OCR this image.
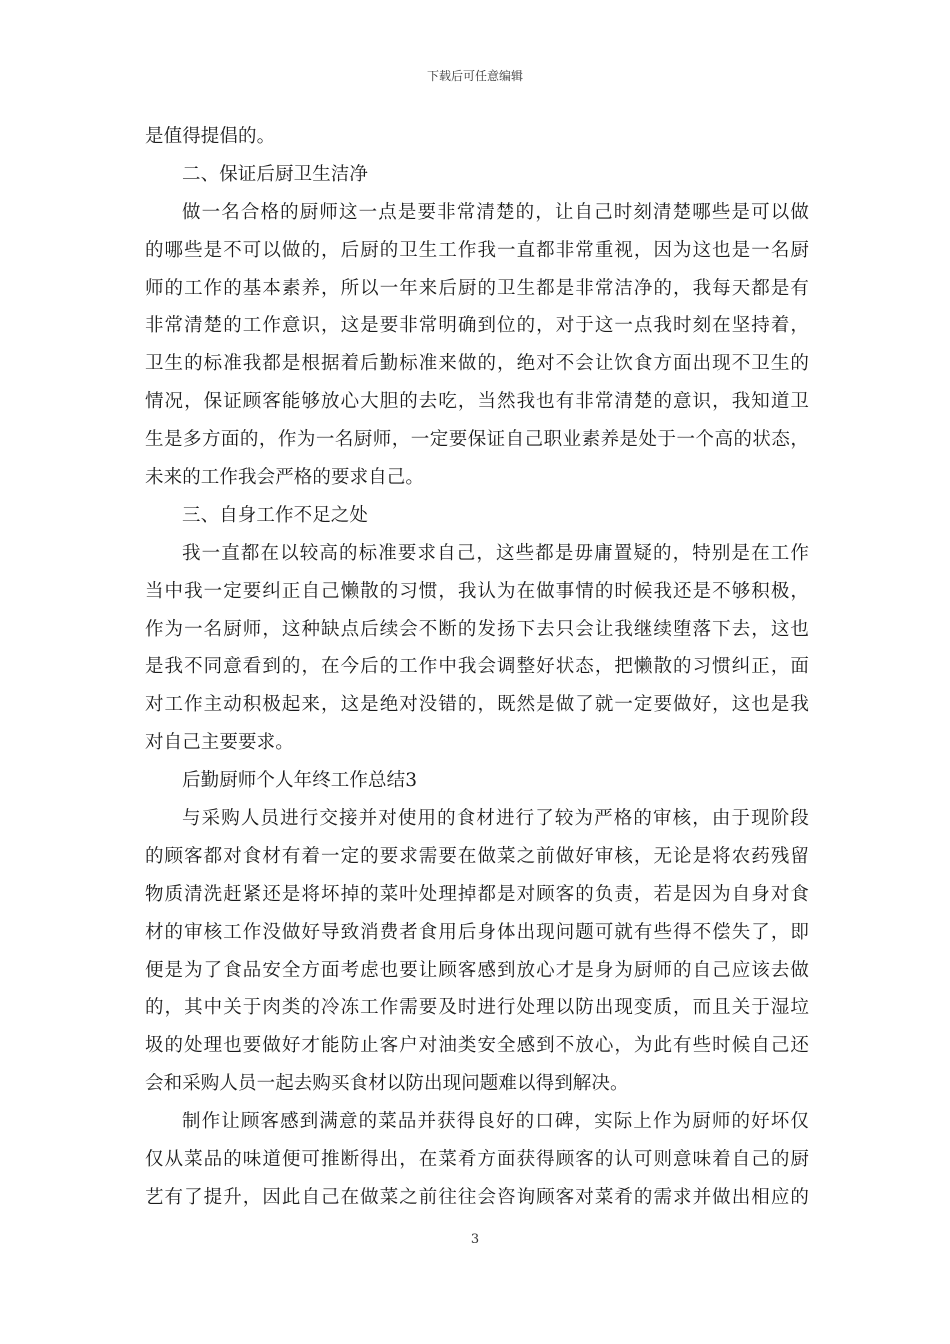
下载后可任意编辑
是值得提倡的。
二、保证后厨卫生洁净
做一名合格的厨师这一点是要非常清楚的，让自己时刻清楚哪些是可以做
的哪些是不可以做的，后厨的卫生工作我一直都非常重视，因为这也是一名厨
师的工作的基本素养，所以一年来后厨的卫生都是非常洁净的，我每天都是有
非常清楚的工作意识，这是要非常明确到位的，对于这一点我时刻在坚持着，
卫生的标准我都是根据着后勤标准来做的，绝对不会让饮食方面出现不卫生的
情况，保证顾客能够放心大胆的去吃，当然我也有非常清楚的意识，我知道卫
生是多方面的，作为一名厨师，一定要保证自己职业素养是处于一个高的状态，
未来的工作我会严格的要求自己。
三、自身工作不足之处
我一直都在以较高的标准要求自己，这些都是毋庸置疑的，特别是在工作
当中我一定要纠正自己懒散的习惯，我认为在做事情的时候我还是不够积极，
作为一名厨师，这种缺点后续会不断的发扬下去只会让我继续堕落下去，这也
是我不同意看到的，在今后的工作中我会调整好状态，把懒散的习惯纠正，面
对工作主动积极起来，这是绝对没错的，既然是做了就一定要做好，这也是我
对自己主要要求。
后勤厨师个人年终工作总结3
与采购人员进行交接并对使用的食材进行了较为严格的审核，由于现阶段
的顾客都对食材有着一定的要求需要在做菜之前做好审核，无论是将农药残留
物质清洗赶紧还是将坏掉的菜叶处理掉都是对顾客的负责，若是因为自身对食
材的审核工作没做好导致消费者食用后身体出现问题可就有些得不偿失了，即
便是为了食品安全方面考虑也要让顾客感到放心才是身为厨师的自己应该去做
的，其中关于肉类的冷冻工作需要及时进行处理以防出现变质，而且关于湿垃
圾的处理也要做好才能防止客户对油类安全感到不放心，为此有些时候自己还
会和采购人员一起去购买食材以防出现问题难以得到解决。
制作让顾客感到满意的菜品并获得良好的口碑，实际上作为厨师的好坏仅
仅从菜品的味道便可推断得出，在菜肴方面获得顾客的认可则意味着自己的厨
艺有了提升，因此自己在做菜之前往往会咨询顾客对菜肴的需求并做出相应的
3
